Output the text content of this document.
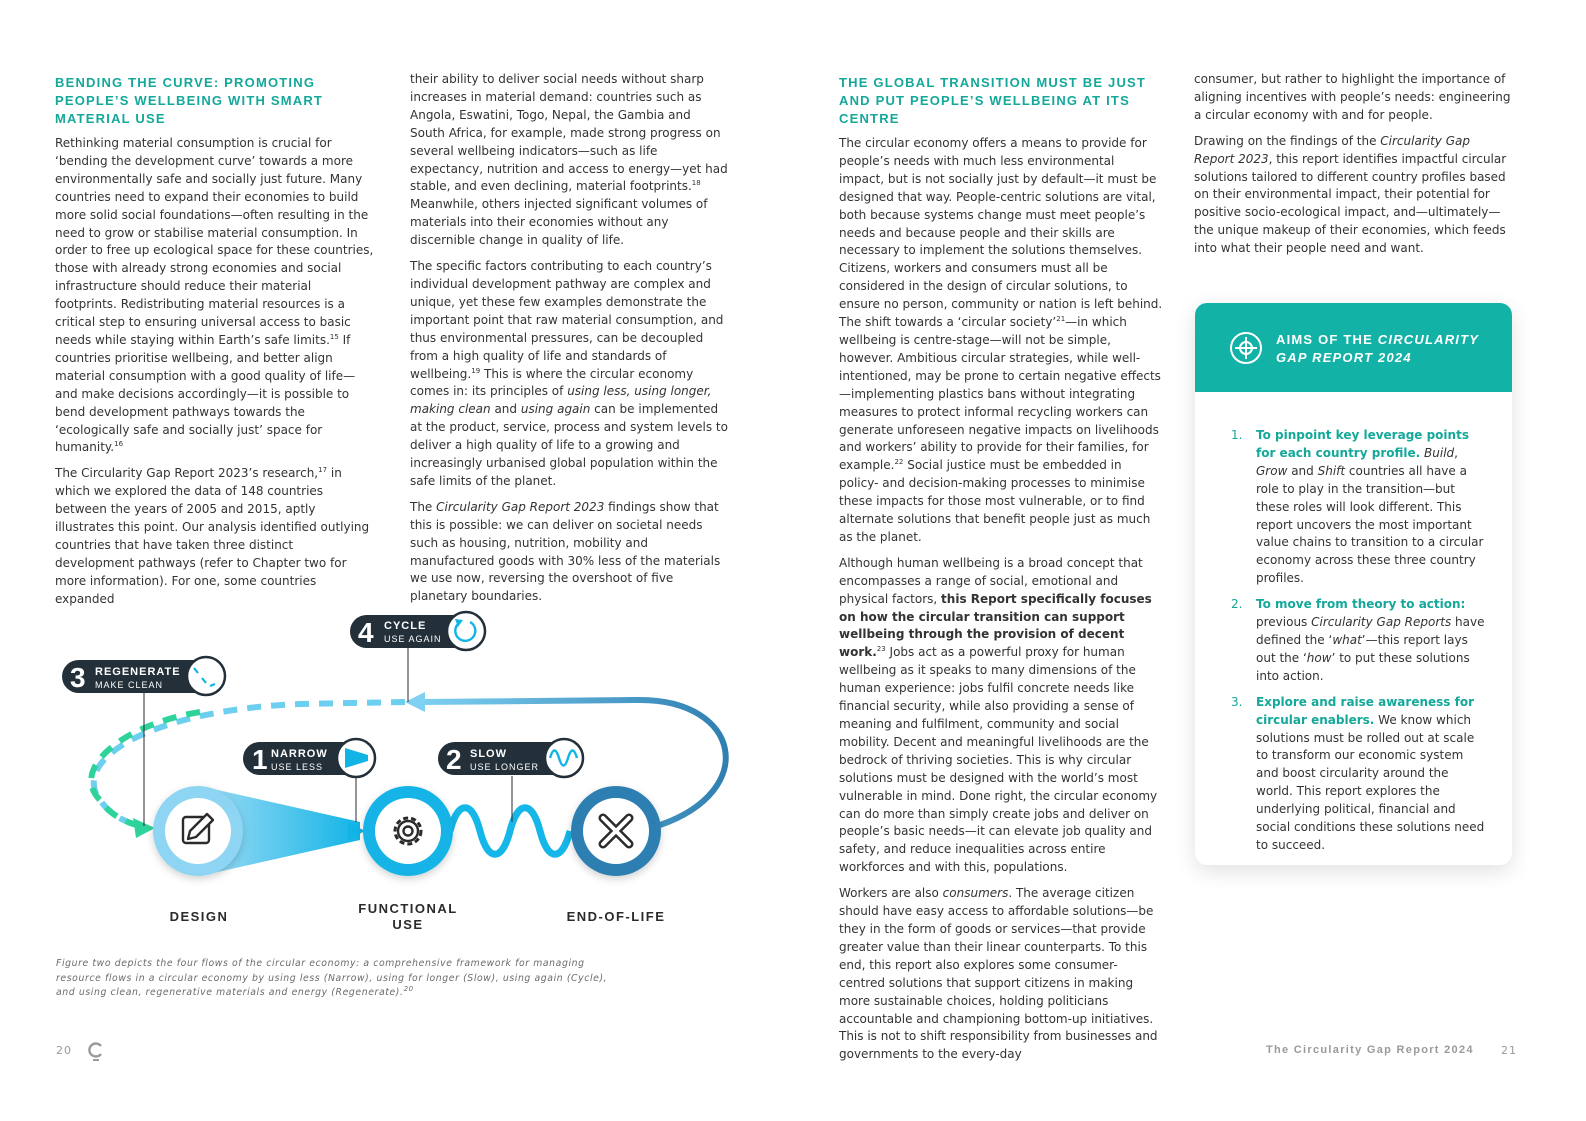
BENDING THE CURVE: PROMOTING PEOPLE’S WELLBEING WITH SMART MATERIAL USE

Rethinking material consumption is crucial for ‘bending the development curve’ towards a more environmentally safe and socially just future. Many countries need to expand their economies to build more solid social foundations—often resulting in the need to grow or stabilise material consumption. In order to free up ecological space for these countries, those with already strong economies and social infrastructure should reduce their material footprints. Redistributing material resources is a critical step to ensuring universal access to basic needs while staying within Earth’s safe limits.$^{15}$ If countries prioritise wellbeing, and better align material consumption with a good quality of life—and make decisions accordingly—it is possible to bend development pathways towards the ‘ecologically safe and socially just’ space for humanity.$^{16}$

The Circularity Gap Report 2023’s research,$^{17}$ in which we explored the data of 148 countries between the years of 2005 and 2015, aptly illustrates this point. Our analysis identified outlying countries that have taken three distinct development pathways (refer to Chapter two for more information). For one, some countries expanded

their ability to deliver social needs without sharp increases in material demand: countries such as Angola, Eswatini, Togo, Nepal, the Gambia and South Africa, for example, made strong progress on several wellbeing indicators—such as life expectancy, nutrition and access to energy—yet had stable, and even declining, material footprints.$^{18}$ Meanwhile, others injected significant volumes of materials into their economies without any discernible change in quality of life.

The specific factors contributing to each country’s individual development pathway are complex and unique, yet these few examples demonstrate the important point that raw material consumption, and thus environmental pressures, can be decoupled from a high quality of life and standards of wellbeing.$^{19}$ This is where the circular economy comes in: its principles of using less, using longer, making clean and using again can be implemented at the product, service, process and system levels to deliver a high quality of life to a growing and increasingly urbanised global population within the safe limits of the planet.

The Circularity Gap Report 2023 findings show that this is possible: we can deliver on societal needs such as housing, nutrition, mobility and manufactured goods with 30% less of the materials we use now, reversing the overshoot of five planetary boundaries.

3 REGENERATE
MAKE CLEAN
4 CYCLE
USE AGAIN
1 NARROW
USE LESS	2 SLOW
USE LONGER
DESIGN
FUNCTIONAL
USE
END-OF-LIFE
Figure two depicts the four flows of the circular economy: a comprehensive framework for managing resource flows in a circular economy by using less (Narrow), using for longer (Slow), using again (Cycle), and using clean, regenerative materials and energy (Regenerate).$^{20}$
20
THE GLOBAL TRANSITION MUST BE JUST AND PUT PEOPLE’S WELLBEING AT ITS CENTRE

The circular economy offers a means to provide for people’s needs with much less environmental impact, but is not socially just by default—it must be designed that way. People-centric solutions are vital, both because systems change must meet people’s needs and because people and their skills are necessary to implement the solutions themselves. Citizens, workers and consumers must all be considered in the design of circular solutions, to ensure no person, community or nation is left behind. The shift towards a ‘circular society’$^{21}$—in which wellbeing is centre-stage—will not be simple, however. Ambitious circular strategies, while well-intentioned, may be prone to certain negative effects—implementing plastics bans without integrating measures to protect informal recycling workers can generate unforeseen negative impacts on livelihoods and workers’ ability to provide for their families, for example.$^{22}$ Social justice must be embedded in policy- and decision-making processes to minimise these impacts for those most vulnerable, or to find alternate solutions that benefit people just as much as the planet.

Although human wellbeing is a broad concept that encompasses a range of social, emotional and physical factors, this Report specifically focuses on how the circular transition can support wellbeing through the provision of decent work.$^{23}$ Jobs act as a powerful proxy for human wellbeing as it speaks to many dimensions of the human experience: jobs fulfil concrete needs like financial security, while also providing a sense of meaning and fulfilment, community and social mobility. Decent and meaningful livelihoods are the bedrock of thriving societies. This is why circular solutions must be designed with the world’s most vulnerable in mind. Done right, the circular economy can do more than simply create jobs and deliver on people’s basic needs—it can elevate job quality and safety, and reduce inequalities across entire workforces and with this, populations.

Workers are also consumers. The average citizen should have easy access to affordable solutions—be they in the form of goods or services—that provide greater value than their linear counterparts. To this end, this report also explores some consumer-centred solutions that support citizens in making more sustainable choices, holding politicians accountable and championing bottom-up initiatives. This is not to shift responsibility from businesses and governments to the every-day

consumer, but rather to highlight the importance of aligning incentives with people’s needs: engineering a circular economy with and for people.

Drawing on the findings of the Circularity Gap Report 2023, this report identifies impactful circular solutions tailored to different country profiles based on their environmental impact, their potential for positive socio-ecological impact, and—ultimately—the unique makeup of their economies, which feeds into what their people need and want.

AIMS OF THE CIRCULARITY GAP REPORT 2024
1. To pinpoint key leverage points for each country profile. Build, Grow and Shift countries all have a role to play in the transition—but these roles will look different. This report uncovers the most important value chains to transition to a circular economy across these three country profiles.
2. To move from theory to action: previous Circularity Gap Reports have defined the ‘what’—this report lays out the ‘how’ to put these solutions into action.
3. Explore and raise awareness for circular enablers. We know which solutions must be rolled out at scale to transform our economic system and boost circularity around the world. This report explores the underlying political, financial and social conditions these solutions need to succeed.
The Circularity Gap Report 2024 21
